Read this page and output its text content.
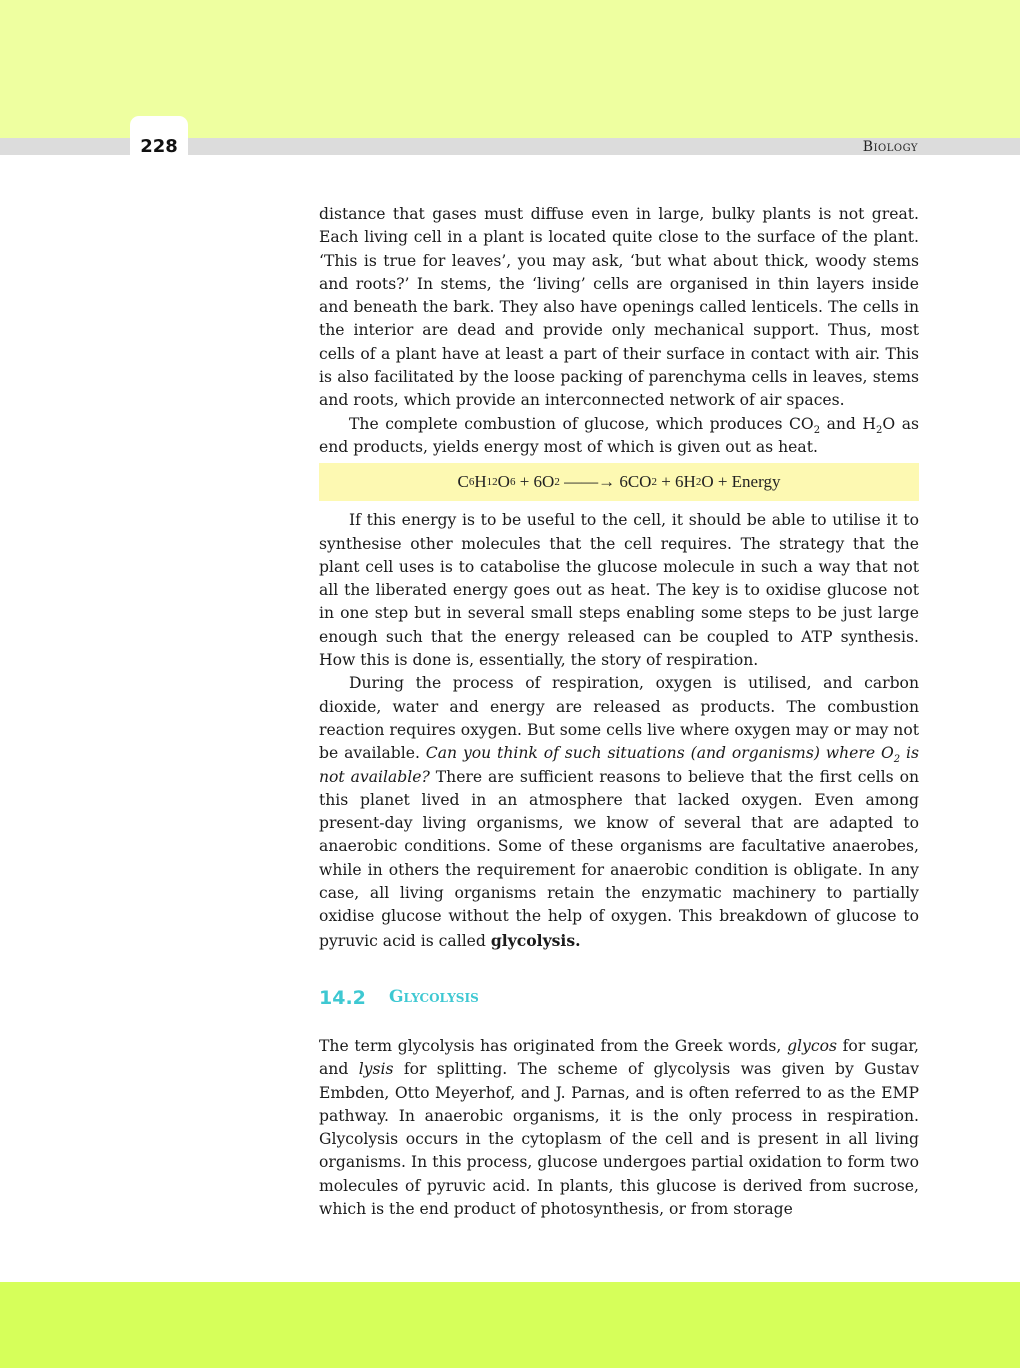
228	Biology

distance that gases must diffuse even in large, bulky plants is not great. Each living cell in a plant is located quite close to the surface of the plant. ‘This is true for leaves’, you may ask, ‘but what about thick, woody stems and roots?’ In stems, the ‘living’ cells are organised in thin layers inside and beneath the bark. They also have openings called lenticels. The cells in the interior are dead and provide only mechanical support. Thus, most cells of a plant have at least a part of their surface in contact with air. This is also facilitated by the loose packing of parenchyma cells in leaves, stems and roots, which provide an interconnected network of air spaces.

The complete combustion of glucose, which produces $CO_2$ and $H_2O$ as end products, yields energy most of which is given out as heat.

C 6 H 12 O 6 + 6O 2 ——→ 6CO 2 + 6H 2 O + Energy

If this energy is to be useful to the cell, it should be able to utilise it to synthesise other molecules that the cell requires. The strategy that the plant cell uses is to catabolise the glucose molecule in such a way that not all the liberated energy goes out as heat. The key is to oxidise glucose not in one step but in several small steps enabling some steps to be just large enough such that the energy released can be coupled to ATP synthesis. How this is done is, essentially, the story of respiration.

During the process of respiration, oxygen is utilised, and carbon dioxide, water and energy are released as products. The combustion reaction requires oxygen. But some cells live where oxygen may or may not be available. Can you think of such situations (and organisms) where $O_2$ is not available? There are sufficient reasons to believe that the first cells on this planet lived in an atmosphere that lacked oxygen. Even among present-day living organisms, we know of several that are adapted to anaerobic conditions. Some of these organisms are facultative anaerobes, while in others the requirement for anaerobic condition is obligate. In any case, all living organisms retain the enzymatic machinery to partially oxidise glucose without the help of oxygen. This breakdown of glucose to pyruvic acid is called glycolysis.

14.2	Glycolysis

The term glycolysis has originated from the Greek words, glycos for sugar, and lysis for splitting. The scheme of glycolysis was given by Gustav Embden, Otto Meyerhof, and J. Parnas, and is often referred to as the EMP pathway. In anaerobic organisms, it is the only process in respiration. Glycolysis occurs in the cytoplasm of the cell and is present in all living organisms. In this process, glucose undergoes partial oxidation to form two molecules of pyruvic acid. In plants, this glucose is derived from sucrose, which is the end product of photosynthesis, or from storage
